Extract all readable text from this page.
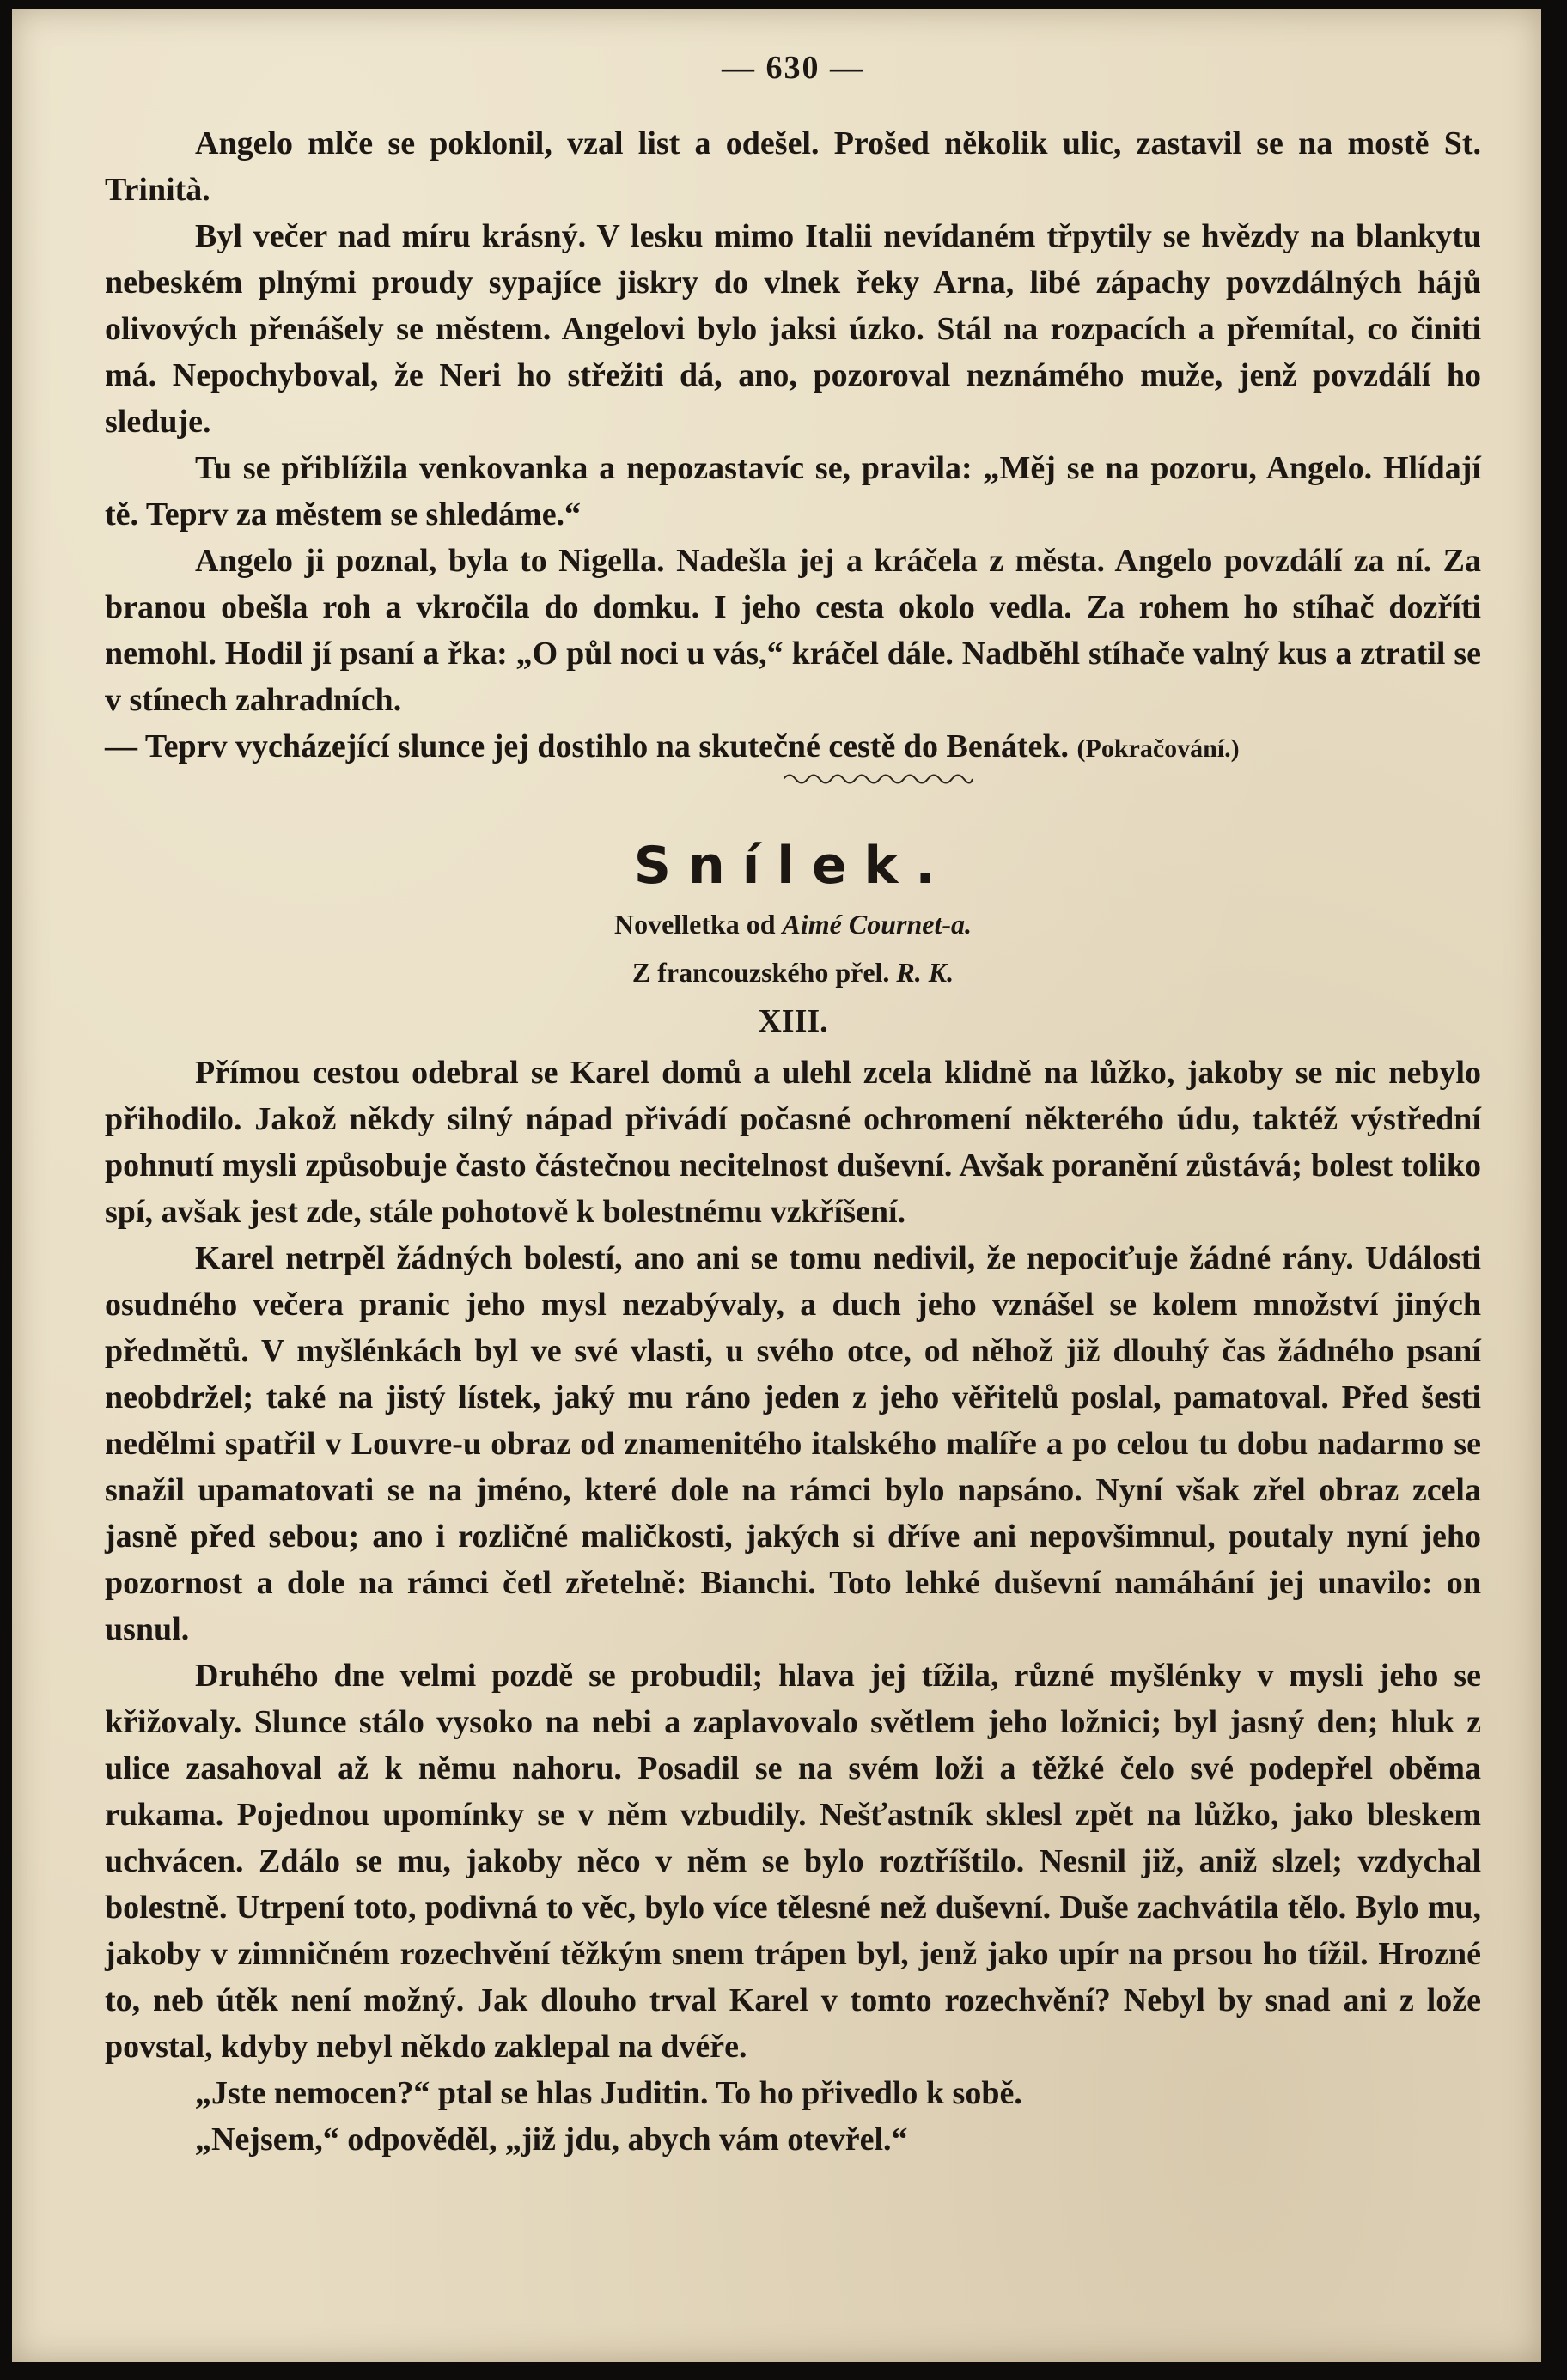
— 630 —

Angelo mlče se poklonil, vzal list a odešel. Prošed několik ulic, zastavil se na mostě St. Trinità.

Byl večer nad míru krásný. V lesku mimo Italii nevídaném třpytily se hvězdy na blankytu nebeském plnými proudy sypajíce jiskry do vlnek řeky Arna, libé zápachy povzdálných hájů olivových přenášely se městem. Angelovi bylo jaksi úzko. Stál na rozpacích a přemítal, co činiti má. Nepochyboval, že Neri ho střežiti dá, ano, pozoroval neznámého muže, jenž povzdálí ho sleduje.

Tu se přiblížila venkovanka a nepozastavíc se, pravila: „Měj se na pozoru, Angelo. Hlídají tě. Teprv za městem se shledáme.“

Angelo ji poznal, byla to Nigella. Nadešla jej a kráčela z města. Angelo povzdálí za ní. Za branou obešla roh a vkročila do domku. I jeho cesta okolo vedla. Za rohem ho stíhač dozříti nemohl. Hodil jí psaní a řka: „O půl noci u vás,“ kráčel dále. Nadběhl stíhače valný kus a ztratil se v stínech zahradních.

— Teprv vycházející slunce jej dostihlo na skutečné cestě do Benátek. (Pokračování.)

Snílek.
Novelletka od Aimé Cournet-a.
Z francouzského přel. R. K.
XIII.

Přímou cestou odebral se Karel domů a ulehl zcela klidně na lůžko, jakoby se nic nebylo přihodilo. Jakož někdy silný nápad přivádí počasné ochromení některého údu, taktéž výstřední pohnutí mysli způsobuje často částečnou necitelnost duševní. Avšak poranění zůstává; bolest toliko spí, avšak jest zde, stále pohotově k bolestnému vzkříšení.

Karel netrpěl žádných bolestí, ano ani se tomu nedivil, že nepociťuje žádné rány. Události osudného večera pranic jeho mysl nezabývaly, a duch jeho vznášel se kolem množství jiných předmětů. V myšlénkách byl ve své vlasti, u svého otce, od něhož již dlouhý čas žádného psaní neobdržel; také na jistý lístek, jaký mu ráno jeden z jeho věřitelů poslal, pamatoval. Před šesti nedělmi spatřil v Louvre-u obraz od znamenitého italského malíře a po celou tu dobu nadarmo se snažil upamatovati se na jméno, které dole na rámci bylo napsáno. Nyní však zřel obraz zcela jasně před sebou; ano i rozličné maličkosti, jakých si dříve ani nepovšimnul, poutaly nyní jeho pozornost a dole na rámci četl zřetelně: Bianchi. Toto lehké duševní namáhání jej unavilo: on usnul.

Druhého dne velmi pozdě se probudil; hlava jej tížila, různé myšlénky v mysli jeho se křižovaly. Slunce stálo vysoko na nebi a zaplavovalo světlem jeho ložnici; byl jasný den; hluk z ulice zasahoval až k němu nahoru. Posadil se na svém loži a těžké čelo své podepřel oběma rukama. Pojednou upomínky se v něm vzbudily. Nešťastník sklesl zpět na lůžko, jako bleskem uchvácen. Zdálo se mu, jakoby něco v něm se bylo roztříštilo. Nesnil již, aniž slzel; vzdychal bolestně. Utrpení toto, podivná to věc, bylo více tělesné než duševní. Duše zachvátila tělo. Bylo mu, jakoby v zimničném rozechvění těžkým snem trápen byl, jenž jako upír na prsou ho tížil. Hrozné to, neb útěk není možný. Jak dlouho trval Karel v tomto rozechvění? Nebyl by snad ani z lože povstal, kdyby nebyl někdo zaklepal na dvéře.

„Jste nemocen?“ ptal se hlas Juditin. To ho přivedlo k sobě.

„Nejsem,“ odpověděl, „již jdu, abych vám otevřel.“
